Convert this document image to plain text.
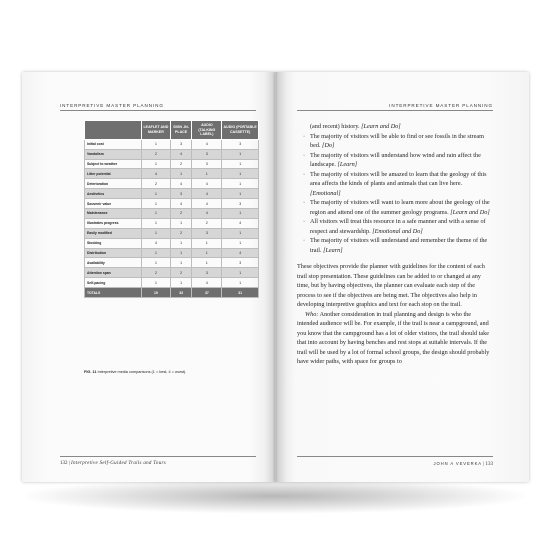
INTERPRETIVE MASTER PLANNING
	LEAFLET AND MARKER	SIGN -IN- PLACE	AUDIO (TALKING LABEL)	AUDIO (PORTABLE CASSETTE)
Initial cost	1	3	4	3
Vandalism	2	4	3	1
Subject to weather	1	2	3	1
Litter potential	4	1	1	1
Deterioration	2	4	4	1
Aesthetics	1	3	4	1
Souvenir value	1	4	4	3
Maintenance	1	2	4	1
Illustrates progress	1	1	2	4
Easily modified	1	2	3	1
Stocking	4	1	1	1
Distribution	1	1	1	4
Availability	1	1	1	3
Attention span	2	2	3	1
Self-pacing	1	1	4	1
TOTALS	19	33	37	31
FIG. 11 Interpretive media comparisons (1 = best, 4 = worst).
132 | Interpretive Self-Guided Trails and Tours
INTERPRETIVE MASTER PLANNING
(and recent) history. [Learn and Do]
· The majority of visitors will be able to find or see fossils in the stream bed. [Do]
· The majority of visitors will understand how wind and rain affect the landscape. [Learn]
· The majority of visitors will be amazed to learn that the geology of this area affects the kinds of plants and animals that can live here. [Emotional]
· The majority of visitors will want to learn more about the geology of the region and attend one of the summer geology programs. [Learn and Do]
· All visitors will treat this resource in a safe manner and with a sense of respect and stewardship. [Emotional and Do]
· The majority of visitors will understand and remember the theme of the trail. [Learn]

These objectives provide the planner with guidelines for the content of each trail stop presentation. These guidelines can be added to or changed at any time, but by having objectives, the planner can evaluate each step of the process to see if the objectives are being met. The objectives also help in developing interpretive graphics and text for each stop on the trail.

Who: Another consideration in trail planning and design is who the intended audience will be. For example, if the trail is near a campground, and you know that the campground has a lot of older visitors, the trail should take that into account by having benches and rest stops at suitable intervals. If the trail will be used by a lot of formal school groups, the design should probably have wider paths, with space for groups to

JOHN A VEVERKA | 133
